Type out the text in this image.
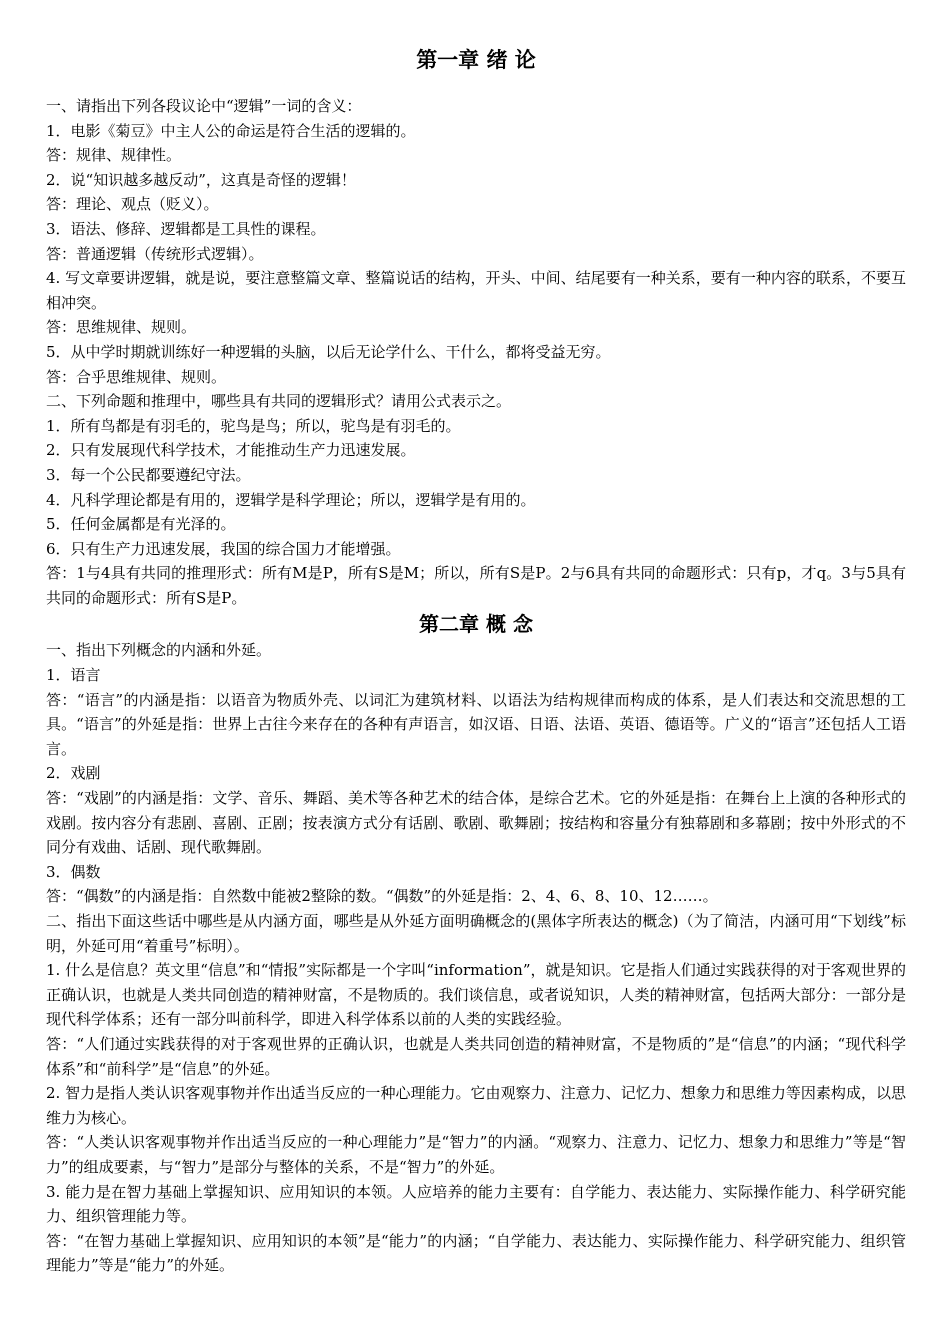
第一章 绪 论

一、请指出下列各段议论中“逻辑”一词的含义：

1．电影《菊豆》中主人公的命运是符合生活的逻辑的。

答：规律、规律性。

2．说“知识越多越反动”，这真是奇怪的逻辑！

答：理论、观点（贬义）。

3．语法、修辞、逻辑都是工具性的课程。

答：普通逻辑（传统形式逻辑）。

4. 写文章要讲逻辑，就是说，要注意整篇文章、整篇说话的结构，开头、中间、结尾要有一种关系，要有一种内容的联系，不要互相冲突。

答：思维规律、规则。

5．从中学时期就训练好一种逻辑的头脑，以后无论学什么、干什么，都将受益无穷。

答：合乎思维规律、规则。

二、下列命题和推理中，哪些具有共同的逻辑形式？请用公式表示之。

1．所有鸟都是有羽毛的，驼鸟是鸟；所以，驼鸟是有羽毛的。

2．只有发展现代科学技术，才能推动生产力迅速发展。

3．每一个公民都要遵纪守法。

4．凡科学理论都是有用的，逻辑学是科学理论；所以，逻辑学是有用的。

5．任何金属都是有光泽的。

6．只有生产力迅速发展，我国的综合国力才能增强。

答：1与4具有共同的推理形式：所有M是P，所有S是M；所以，所有S是P。2与6具有共同的命题形式：只有p，才q。3与5具有共同的命题形式：所有S是P。

第二章 概 念

一、指出下列概念的内涵和外延。

1．语言

答：“语言”的内涵是指：以语音为物质外壳、以词汇为建筑材料、以语法为结构规律而构成的体系，是人们表达和交流思想的工具。“语言”的外延是指：世界上古往今来存在的各种有声语言，如汉语、日语、法语、英语、德语等。广义的“语言”还包括人工语言。

2．戏剧

答：“戏剧”的内涵是指：文学、音乐、舞蹈、美术等各种艺术的结合体，是综合艺术。它的外延是指：在舞台上上演的各种形式的戏剧。按内容分有悲剧、喜剧、正剧；按表演方式分有话剧、歌剧、歌舞剧；按结构和容量分有独幕剧和多幕剧；按中外形式的不同分有戏曲、话剧、现代歌舞剧。

3．偶数

答：“偶数”的内涵是指：自然数中能被2整除的数。“偶数”的外延是指：2、4、6、8、10、12……。

二、指出下面这些话中哪些是从内涵方面，哪些是从外延方面明确概念的(黑体字所表达的概念)（为了简洁，内涵可用“下划线”标明，外延可用“着重号”标明）。

1. 什么是信息？英文里“信息”和“情报”实际都是一个字叫“information”，就是知识。它是指人们通过实践获得的对于客观世界的正确认识，也就是人类共同创造的精神财富，不是物质的。我们谈信息，或者说知识，人类的精神财富，包括两大部分：一部分是现代科学体系；还有一部分叫前科学，即进入科学体系以前的人类的实践经验。

答：“人们通过实践获得的对于客观世界的正确认识，也就是人类共同创造的精神财富，不是物质的”是“信息”的内涵；“现代科学体系”和“前科学”是“信息”的外延。

2. 智力是指人类认识客观事物并作出适当反应的一种心理能力。它由观察力、注意力、记忆力、想象力和思维力等因素构成，以思维力为核心。

答：“人类认识客观事物并作出适当反应的一种心理能力”是“智力”的内涵。“观察力、注意力、记忆力、想象力和思维力”等是“智力”的组成要素，与“智力”是部分与整体的关系，不是“智力”的外延。

3. 能力是在智力基础上掌握知识、应用知识的本领。人应培养的能力主要有：自学能力、表达能力、实际操作能力、科学研究能力、组织管理能力等。

答：“在智力基础上掌握知识、应用知识的本领”是“能力”的内涵；“自学能力、表达能力、实际操作能力、科学研究能力、组织管理能力”等是“能力”的外延。
